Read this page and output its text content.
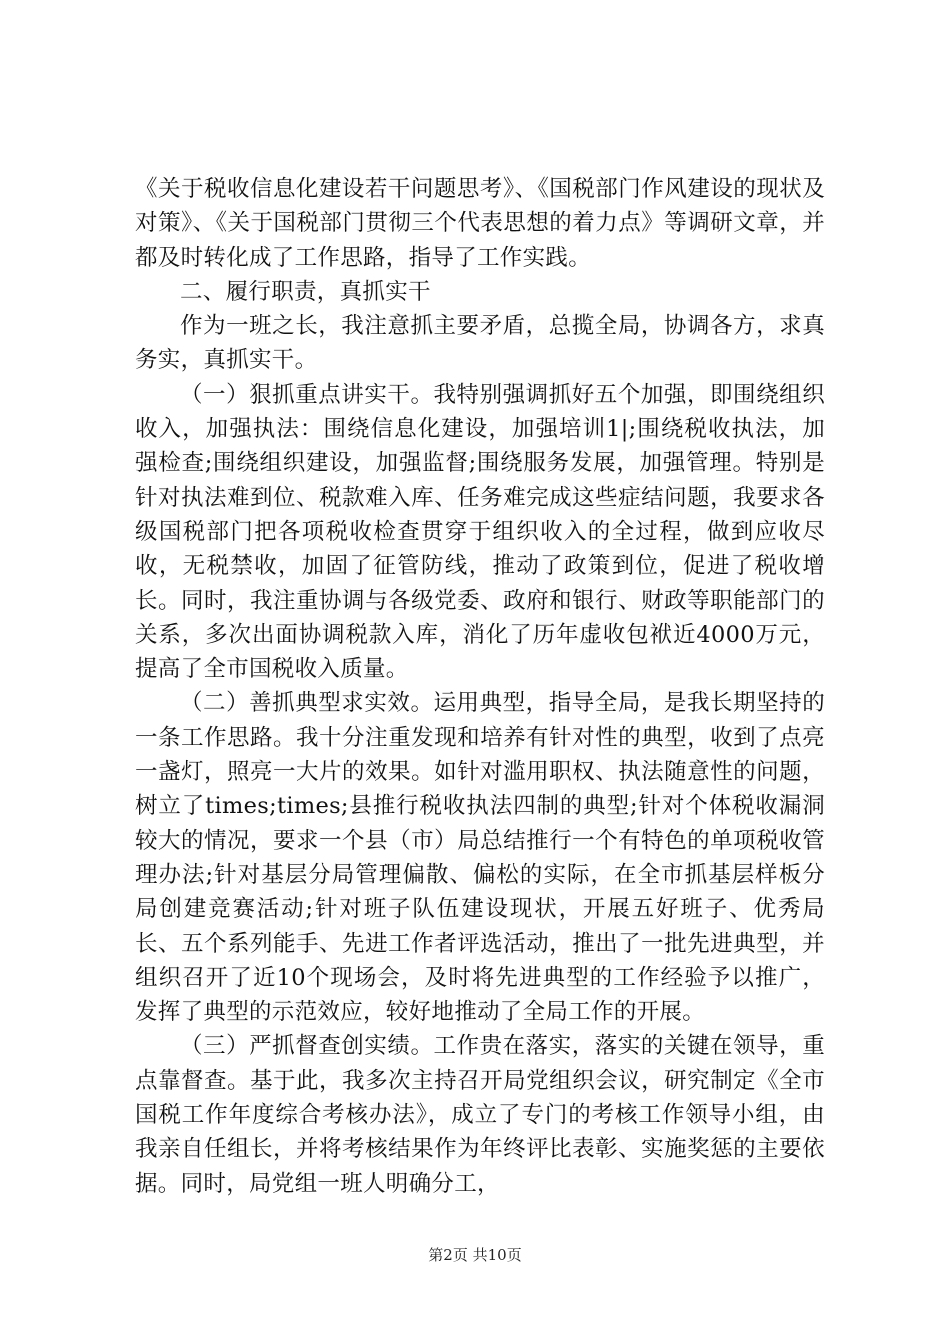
《关于税收信息化建设若干问题思考》、《国税部门作风建设的现状及对策》、《关于国税部门贯彻三个代表思想的着力点》等调研文章，并都及时转化成了工作思路，指导了工作实践。

二、履行职责，真抓实干

作为一班之长，我注意抓主要矛盾，总揽全局，协调各方，求真务实，真抓实干。

（一）狠抓重点讲实干。我特别强调抓好五个加强，即围绕组织收入，加强执法：围绕信息化建设，加强培训1|;围绕税收执法，加强检查;围绕组织建设，加强监督;围绕服务发展，加强管理。特别是针对执法难到位、税款难入库、任务难完成这些症结问题，我要求各级国税部门把各项税收检查贯穿于组织收入的全过程，做到应收尽收，无税禁收，加固了征管防线，推动了政策到位，促进了税收增长。同时，我注重协调与各级党委、政府和银行、财政等职能部门的关系，多次出面协调税款入库，消化了历年虚收包袱近4000万元，提高了全市国税收入质量。

（二）善抓典型求实效。运用典型，指导全局，是我长期坚持的一条工作思路。我十分注重发现和培养有针对性的典型，收到了点亮一盏灯，照亮一大片的效果。如针对滥用职权、执法随意性的问题，树立了times;times;县推行税收执法四制的典型;针对个体税收漏洞较大的情况，要求一个县（市）局总结推行一个有特色的单项税收管理办法;针对基层分局管理偏散、偏松的实际，在全市抓基层样板分局创建竞赛活动;针对班子队伍建设现状，开展五好班子、优秀局长、五个系列能手、先进工作者评选活动，推出了一批先进典型，并组织召开了近10个现场会，及时将先进典型的工作经验予以推广，发挥了典型的示范效应，较好地推动了全局工作的开展。

（三）严抓督查创实绩。工作贵在落实，落实的关键在领导，重点靠督查。基于此，我多次主持召开局党组织会议，研究制定《全市国税工作年度综合考核办法》，成立了专门的考核工作领导小组，由我亲自任组长，并将考核结果作为年终评比表彰、实施奖惩的主要依据。同时，局党组一班人明确分工，

第2页 共10页
